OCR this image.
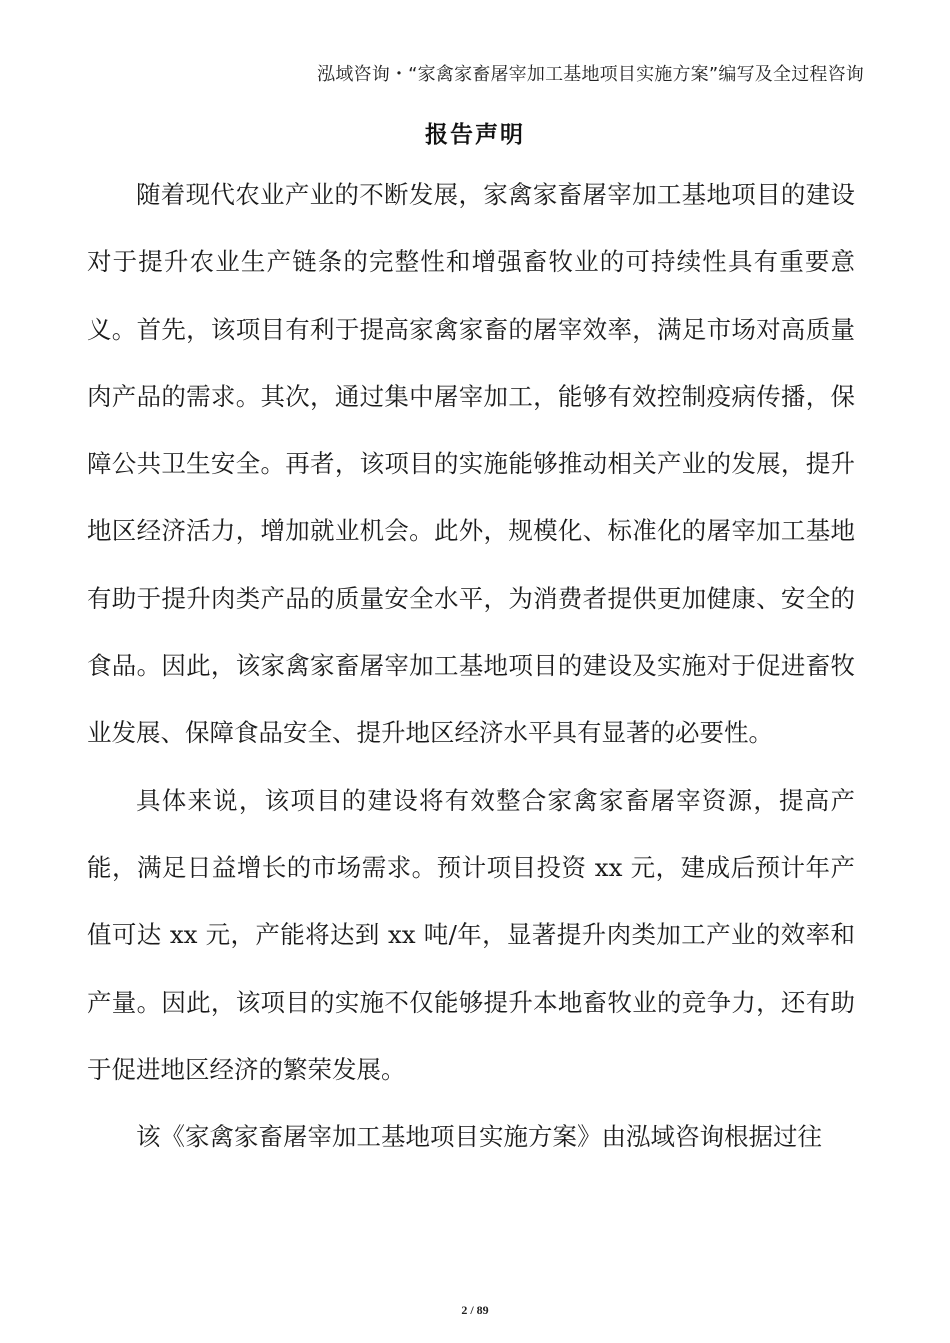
泓域咨询・“家禽家畜屠宰加工基地项目实施方案”编写及全过程咨询
报告声明

随着现代农业产业的不断发展，家禽家畜屠宰加工基地项目的建设对于提升农业生产链条的完整性和增强畜牧业的可持续性具有重要意义。首先，该项目有利于提高家禽家畜的屠宰效率，满足市场对高质量肉产品的需求。其次，通过集中屠宰加工，能够有效控制疫病传播，保障公共卫生安全。再者，该项目的实施能够推动相关产业的发展，提升地区经济活力，增加就业机会。此外，规模化、标准化的屠宰加工基地有助于提升肉类产品的质量安全水平，为消费者提供更加健康、安全的食品。因此，该家禽家畜屠宰加工基地项目的建设及实施对于促进畜牧业发展、保障食品安全、提升地区经济水平具有显著的必要性。

具体来说，该项目的建设将有效整合家禽家畜屠宰资源，提高产能，满足日益增长的市场需求。预计项目投资 xx 元，建成后预计年产值可达 xx 元，产能将达到 xx 吨/年，显著提升肉类加工产业的效率和产量。因此，该项目的实施不仅能够提升本地畜牧业的竞争力，还有助于促进地区经济的繁荣发展。

该《家禽家畜屠宰加工基地项目实施方案》由泓域咨询根据过往

2 / 89
